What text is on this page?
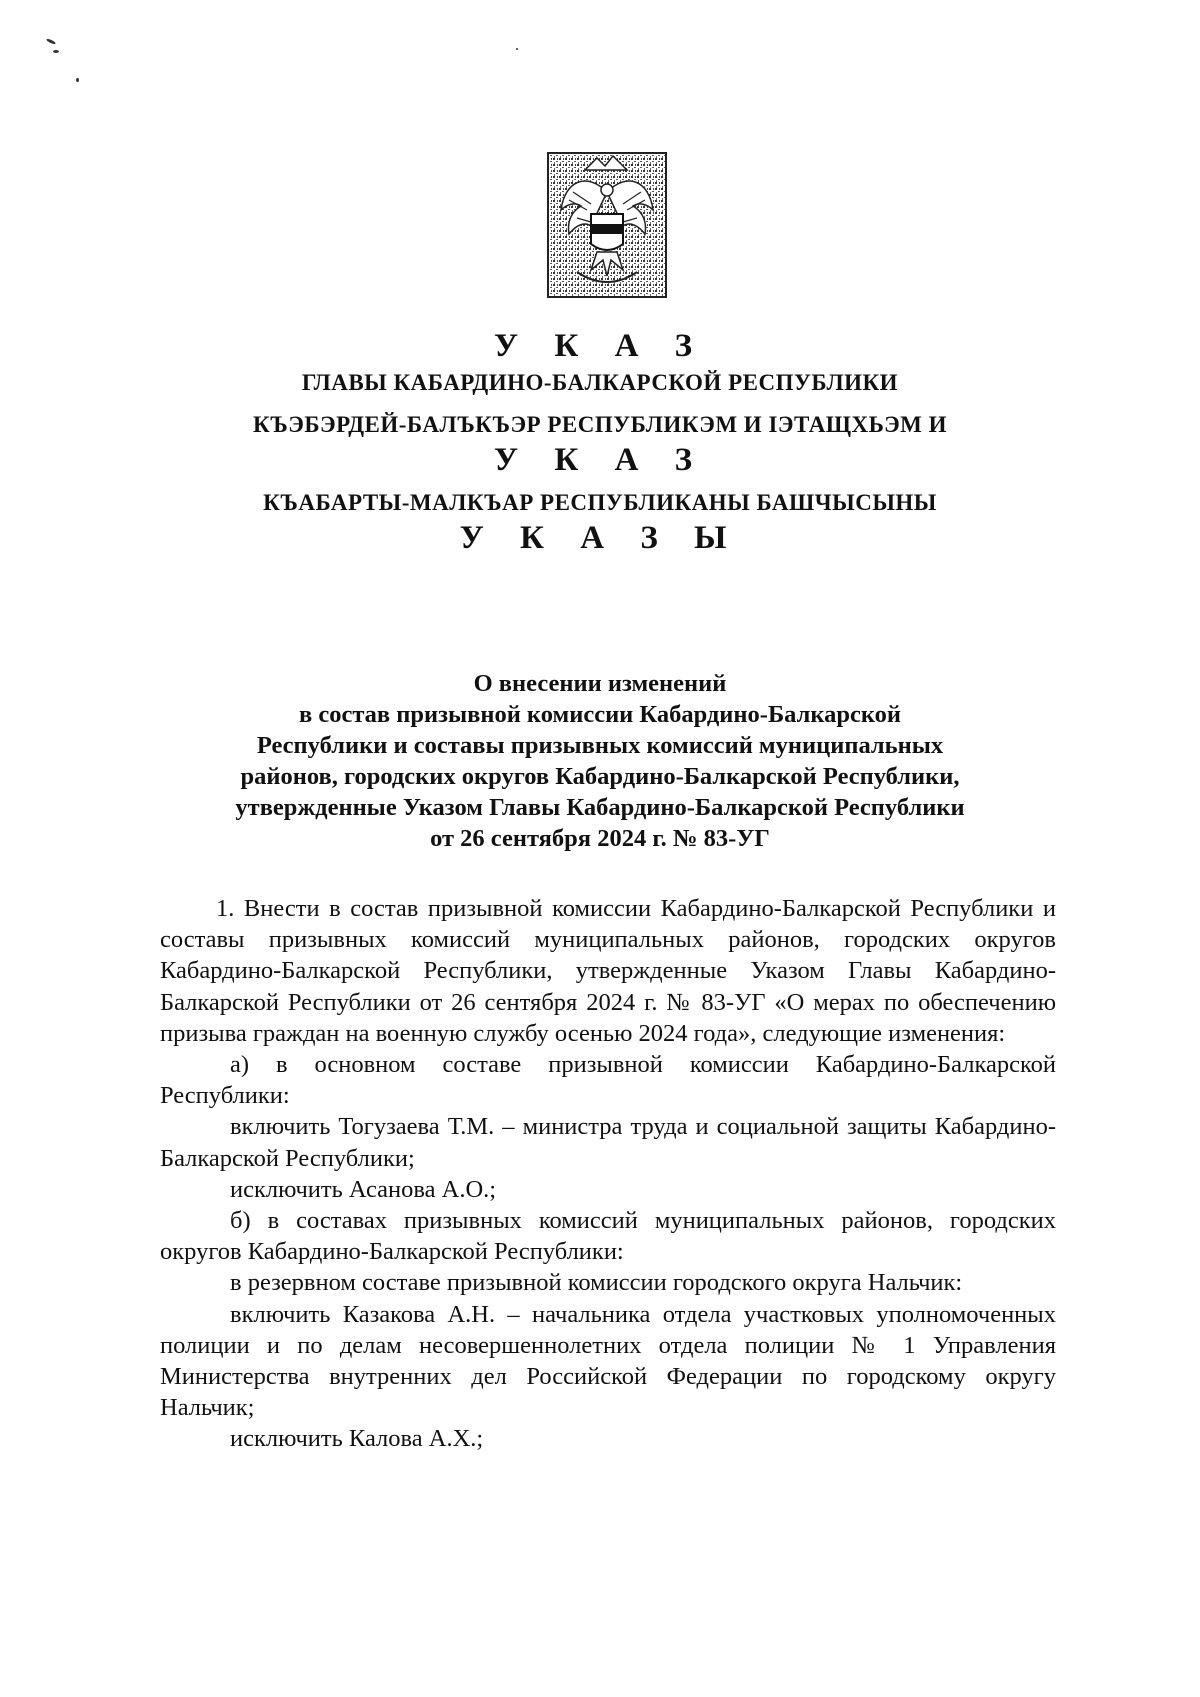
У К А З
ГЛАВЫ КАБАРДИНО-БАЛКАРСКОЙ РЕСПУБЛИКИ
КЪЭБЭРДЕЙ-БАЛЪКЪЭР РЕСПУБЛИКЭМ И ІЭТАЩХЬЭМ И
У К А З
КЪАБАРТЫ-МАЛКЪАР РЕСПУБЛИКАНЫ БАШЧЫСЫНЫ
У К А З Ы
О внесении изменений
в состав призывной комиссии Кабардино-Балкарской
Республики и составы призывных комиссий муниципальных
районов, городских округов Кабардино-Балкарской Республики,
утвержденные Указом Главы Кабардино-Балкарской Республики
от 26 сентября 2024 г. № 83-УГ

1. Внести в состав призывной комиссии Кабардино-Балкарской Республики и составы призывных комиссий муниципальных районов, городских округов Кабардино-Балкарской Республики, утвержденные Указом Главы Кабардино-Балкарской Республики от 26 сентября 2024 г. № 83-УГ «О мерах по обеспечению призыва граждан на военную службу осенью 2024 года», следующие изменения:

а) в основном составе призывной комиссии Кабардино-Балкарской Республики:

включить Тогузаева Т.М. – министра труда и социальной защиты Кабардино-Балкарской Республики;

исключить Асанова А.О.;

б) в составах призывных комиссий муниципальных районов, городских округов Кабардино-Балкарской Республики:

в резервном составе призывной комиссии городского округа Нальчик:

включить Казакова А.Н. – начальника отдела участковых уполномоченных полиции и по делам несовершеннолетних отдела полиции № 1 Управления Министерства внутренних дел Российской Федерации по городскому округу Нальчик;

исключить Калова А.Х.;
